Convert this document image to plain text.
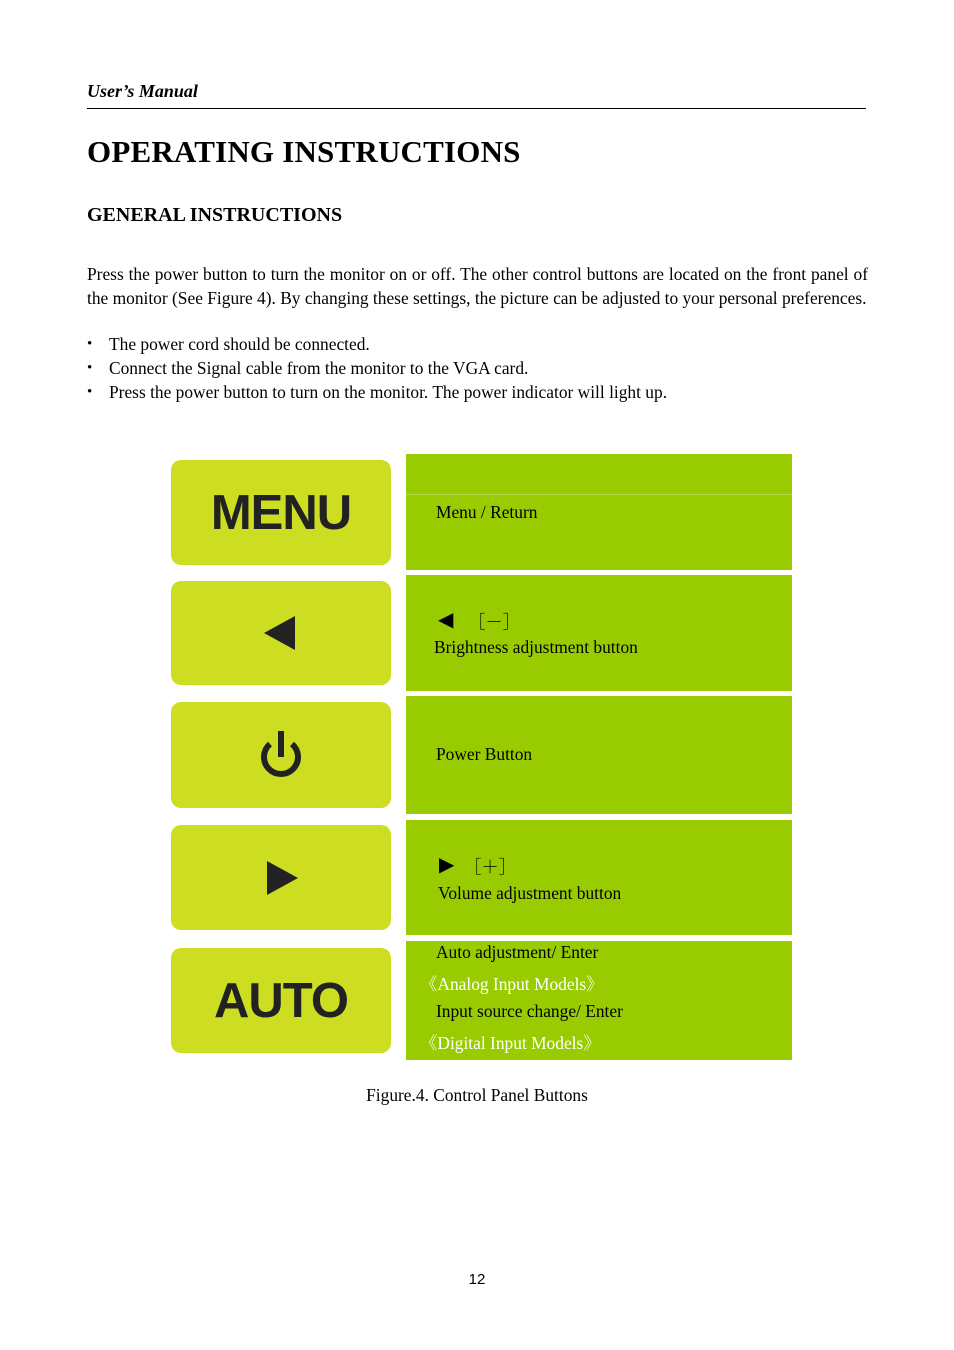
User’s Manual
OPERATING INSTRUCTIONS
GENERAL INSTRUCTIONS

Press the power button to turn the monitor on or off. The other control buttons are located on the front panel of the monitor (See Figure 4). By changing these settings, the picture can be adjusted to your personal preferences.

• The power cord should be connected.
• Connect the Signal cable from the monitor to the VGA card.
• Press the power button to turn on the monitor. The power indicator will light up.
MENU	Menu / Return
◀ ［－］
Brightness adjustment button
Power Button
▶ ［＋］
Volume adjustment button
AUTO
Auto adjustment/ Enter
《Analog Input Models》
Input source change/ Enter
《Digital Input Models》
Figure.4. Control Panel Buttons
12
